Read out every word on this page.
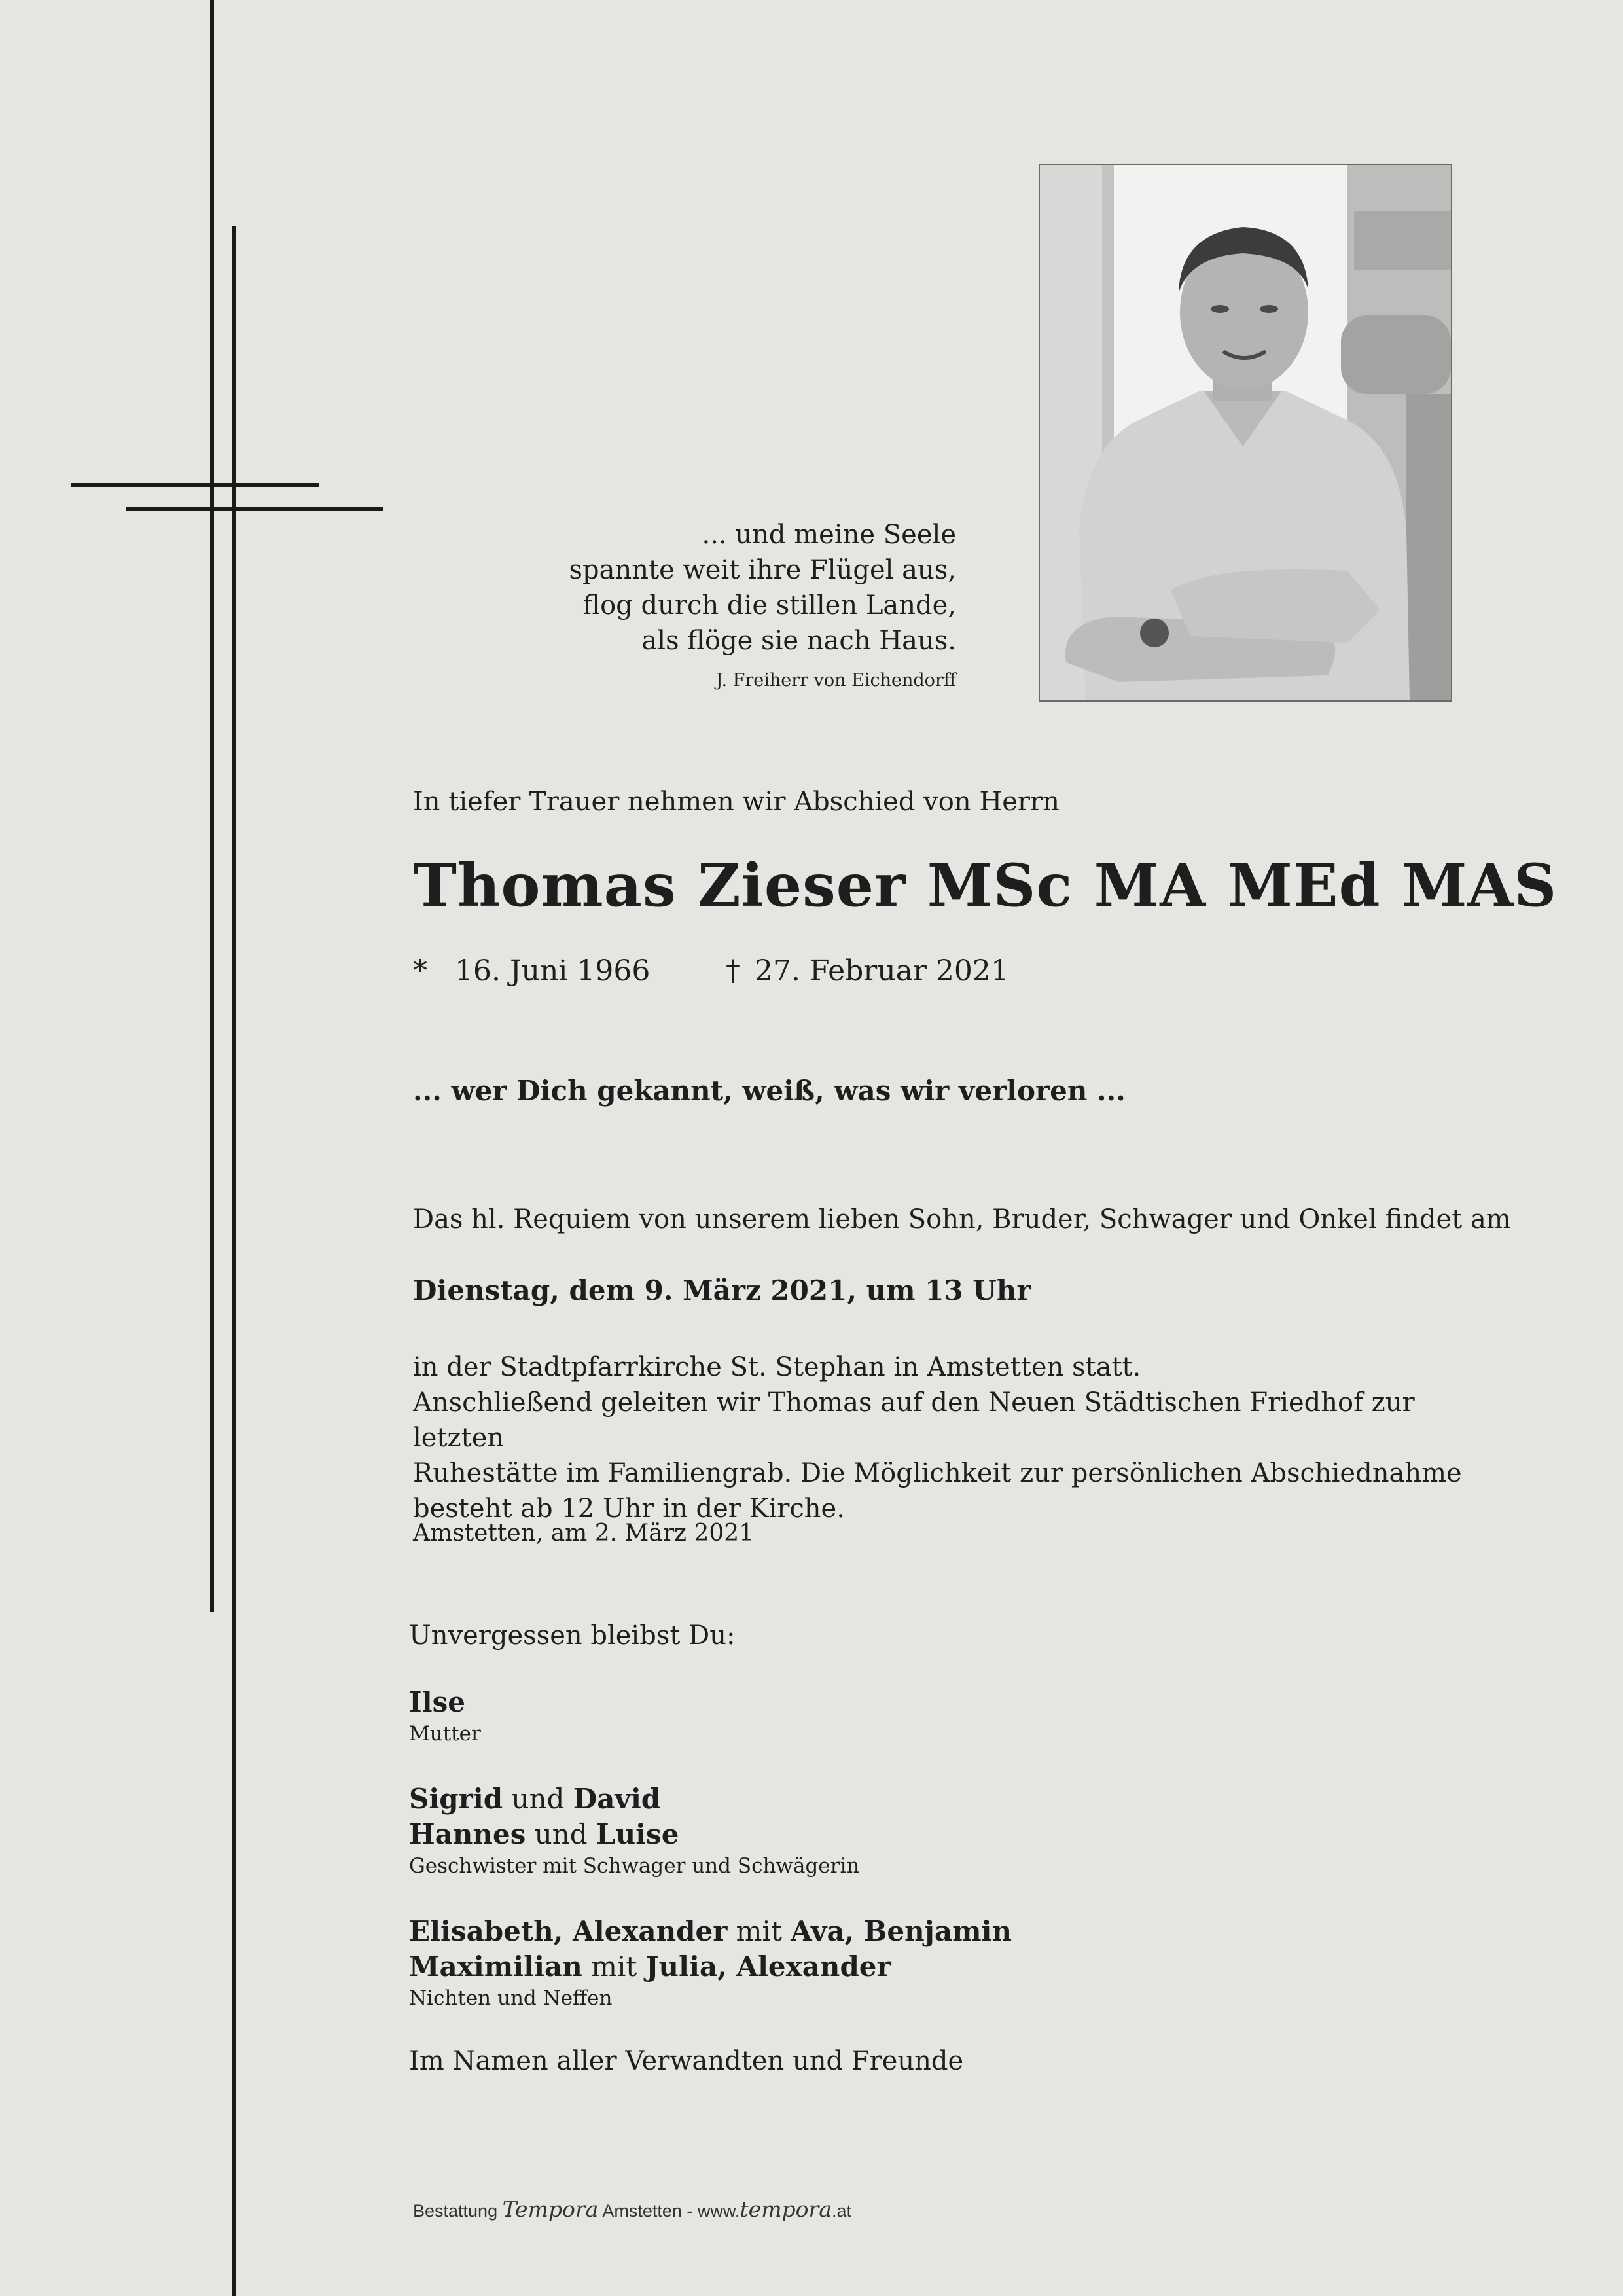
... und meine Seele
spannte weit ihre Flügel aus,
flog durch die stillen Lande,
als flöge sie nach Haus.
J. Freiherr von Eichendorff
In tiefer Trauer nehmen wir Abschied von Herrn
Thomas Zieser MSc MA MEd MAS
* 16. Juni 1966	† 27. Februar 2021
... wer Dich gekannt, weiß, was wir verloren ...
Das hl. Requiem von unserem lieben Sohn, Bruder, Schwager und Onkel findet am
Dienstag, dem 9. März 2021, um 13 Uhr
in der Stadtpfarrkirche St. Stephan in Amstetten statt.
Anschließend geleiten wir Thomas auf den Neuen Städtischen Friedhof zur letzten
Ruhestätte im Familiengrab. Die Möglichkeit zur persönlichen Abschiednahme
besteht ab 12 Uhr in der Kirche.
Amstetten, am 2. März 2021
Unvergessen bleibst Du:
Ilse
Mutter
Sigrid und David
Hannes und Luise
Geschwister mit Schwager und Schwägerin
Elisabeth, Alexander mit Ava, Benjamin
Maximilian mit Julia, Alexander
Nichten und Neffen
Im Namen aller Verwandten und Freunde
Bestattung Tempora Amstetten - www.tempora.at
